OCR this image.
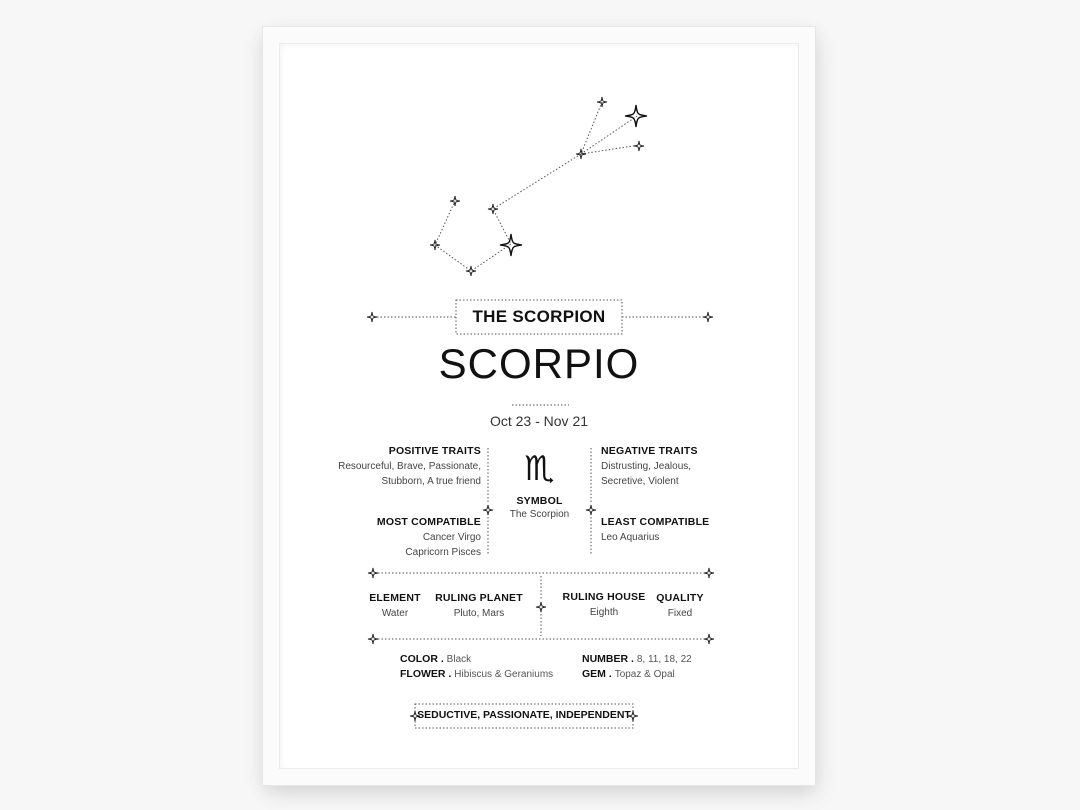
THE SCORPION
SCORPIO
Oct 23 - Nov 21
POSITIVE TRAITS
Resourceful, Brave, Passionate,
Stubborn, A true friend	♏
SYMBOL
The Scorpion
NEGATIVE TRAITS
Distrusting, Jealous,
Secretive, Violent
MOST COMPATIBLE
Cancer Virgo
Capricorn Pisces
LEAST COMPATIBLE
Leo Aquarius
ELEMENT
Water
RULING PLANET
Pluto, Mars
RULING HOUSE
Eighth
QUALITY
Fixed
COLOR . Black
FLOWER . Hibiscus & Geraniums
NUMBER . 8, 11, 18, 22
GEM . Topaz & Opal
SEDUCTIVE, PASSIONATE, INDEPENDENT
